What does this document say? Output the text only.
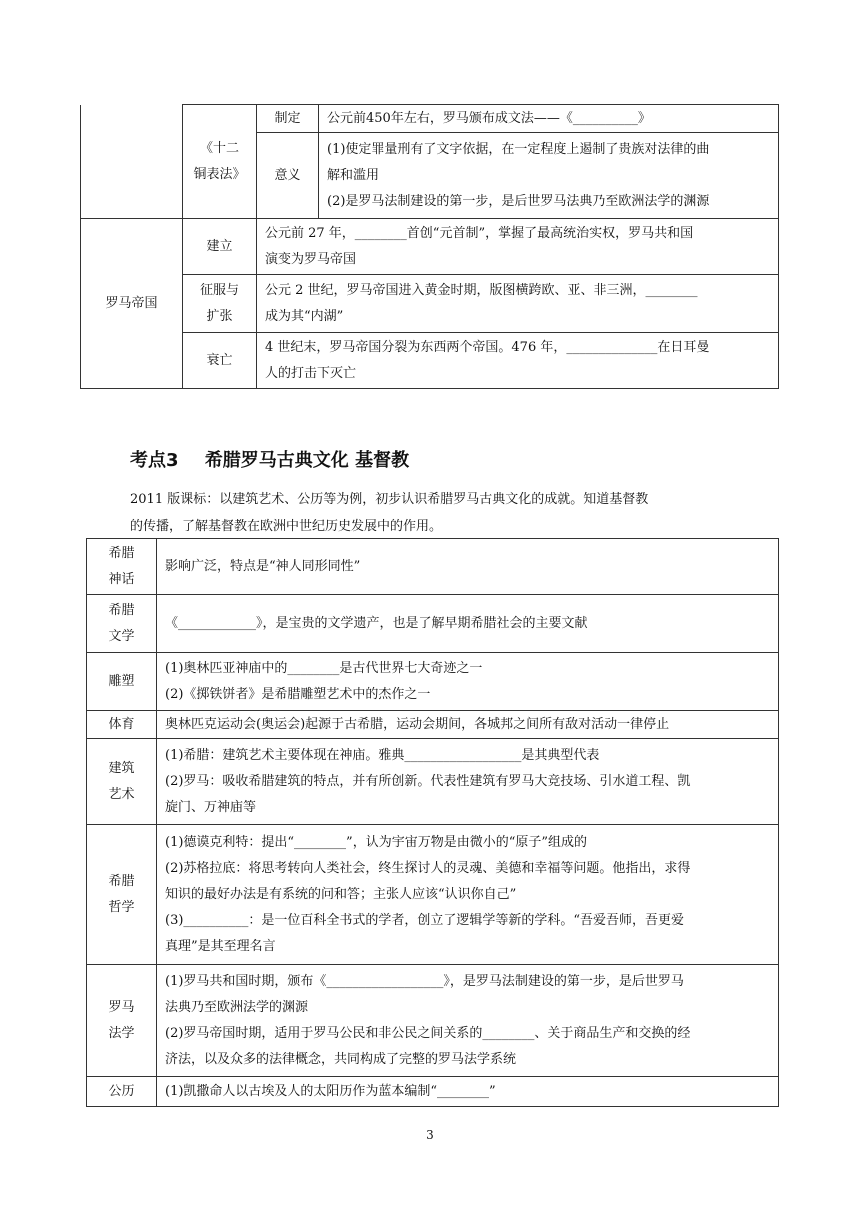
	《十二
铜表法》	制定	公元前450年左右，罗马颁布成文法——《__________》
		意义	(1)使定罪量刑有了文字依据，在一定程度上遏制了贵族对法律的曲
解和滥用
(2)是罗马法制建设的第一步，是后世罗马法典乃至欧洲法学的渊源

罗马帝国	建立	公元前 27 年，________首创“元首制”，掌握了最高统治实权，罗马共和国
演变为罗马帝国	

	征服与
扩张	公元 2 世纪，罗马帝国进入黄金时期，版图横跨欧、亚、非三洲，________
成为其“内湖”	

	衰亡	4 世纪末，罗马帝国分裂为东西两个帝国。476 年，______________在日耳曼
人的打击下灭亡	
考点3 希腊罗马古典文化 基督教
2011 版课标：以建筑艺术、公历等为例，初步认识希腊罗马古典文化的成就。知道基督教
的传播，了解基督教在欧洲中世纪历史发展中的作用。
希腊
神话	影响广泛，特点是“神人同形同性”

希腊
文学	《____________》，是宝贵的文学遗产，也是了解早期希腊社会的主要文献

雕塑	(1)奥林匹亚神庙中的________是古代世界七大奇迹之一
(2)《掷铁饼者》是希腊雕塑艺术中的杰作之一

体育	奥林匹克运动会(奥运会)起源于古希腊，运动会期间，各城邦之间所有敌对活动一律停止

建筑
艺术	(1)希腊：建筑艺术主要体现在神庙。雅典__________________是其典型代表
(2)罗马：吸收希腊建筑的特点，并有所创新。代表性建筑有罗马大竞技场、引水道工程、凯
旋门、万神庙等

希腊
哲学	(1)德谟克利特：提出“________”，认为宇宙万物是由微小的“原子”组成的
(2)苏格拉底：将思考转向人类社会，终生探讨人的灵魂、美德和幸福等问题。他指出，求得
知识的最好办法是有系统的问和答；主张人应该“认识你自己”
(3)__________：是一位百科全书式的学者，创立了逻辑学等新的学科。“吾爱吾师，吾更爱
真理”是其至理名言

罗马
法学	(1)罗马共和国时期，颁布《__________________》，是罗马法制建设的第一步，是后世罗马
法典乃至欧洲法学的渊源
(2)罗马帝国时期，适用于罗马公民和非公民之间关系的________、关于商品生产和交换的经
济法，以及众多的法律概念，共同构成了完整的罗马法学系统

公历	(1)凯撒命人以古埃及人的太阳历作为蓝本编制“________”
3
